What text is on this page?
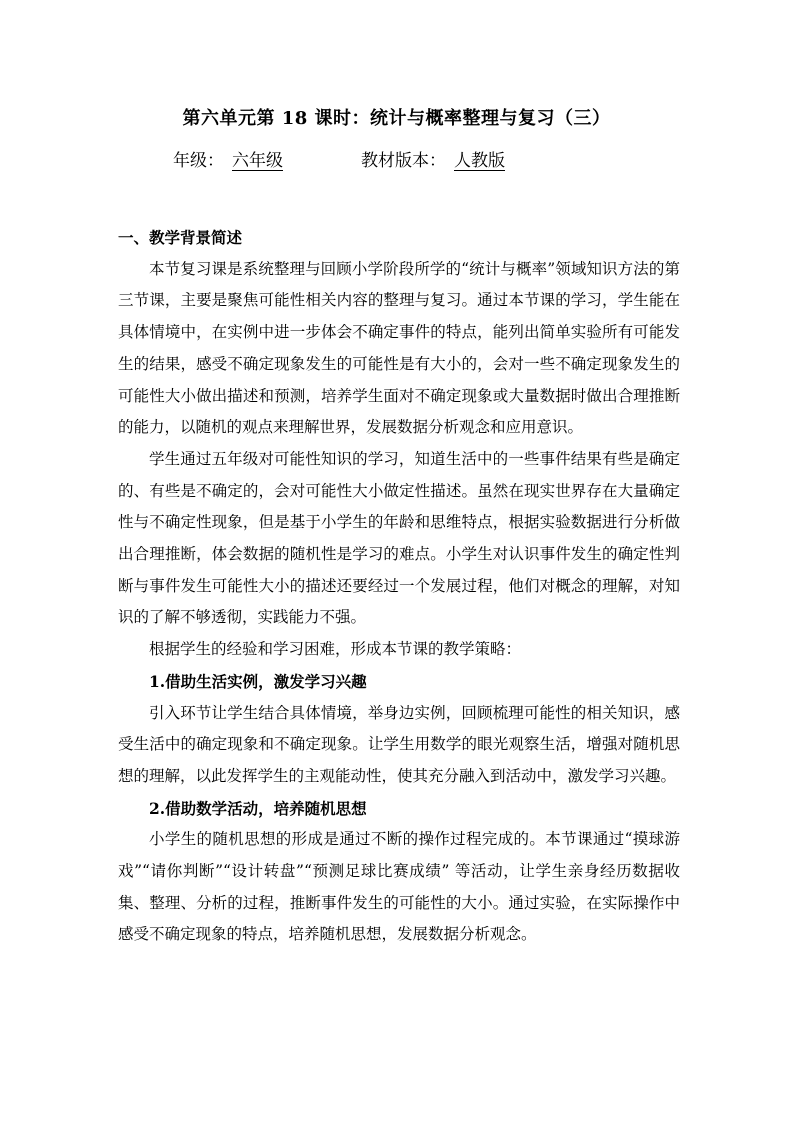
第六单元第 18 课时：统计与概率整理与复习（三）
年级： 六年级	教材版本： 人教版

一、教学背景简述

本节复习课是系统整理与回顾小学阶段所学的“统计与概率”领域知识方法的第三节课，主要是聚焦可能性相关内容的整理与复习。通过本节课的学习，学生能在具体情境中，在实例中进一步体会不确定事件的特点，能列出简单实验所有可能发生的结果，感受不确定现象发生的可能性是有大小的，会对一些不确定现象发生的可能性大小做出描述和预测，培养学生面对不确定现象或大量数据时做出合理推断的能力，以随机的观点来理解世界，发展数据分析观念和应用意识。

学生通过五年级对可能性知识的学习，知道生活中的一些事件结果有些是确定的、有些是不确定的，会对可能性大小做定性描述。虽然在现实世界存在大量确定性与不确定性现象，但是基于小学生的年龄和思维特点，根据实验数据进行分析做出合理推断，体会数据的随机性是学习的难点。小学生对认识事件发生的确定性判断与事件发生可能性大小的描述还要经过一个发展过程，他们对概念的理解，对知识的了解不够透彻，实践能力不强。

根据学生的经验和学习困难，形成本节课的教学策略：

1.借助生活实例，激发学习兴趣

引入环节让学生结合具体情境，举身边实例，回顾梳理可能性的相关知识，感受生活中的确定现象和不确定现象。让学生用数学的眼光观察生活，增强对随机思想的理解，以此发挥学生的主观能动性，使其充分融入到活动中，激发学习兴趣。

2.借助数学活动，培养随机思想

小学生的随机思想的形成是通过不断的操作过程完成的。本节课通过“摸球游戏”“请你判断”“设计转盘”“预测足球比赛成绩” 等活动，让学生亲身经历数据收集、整理、分析的过程，推断事件发生的可能性的大小。通过实验，在实际操作中感受不确定现象的特点，培养随机思想，发展数据分析观念。
